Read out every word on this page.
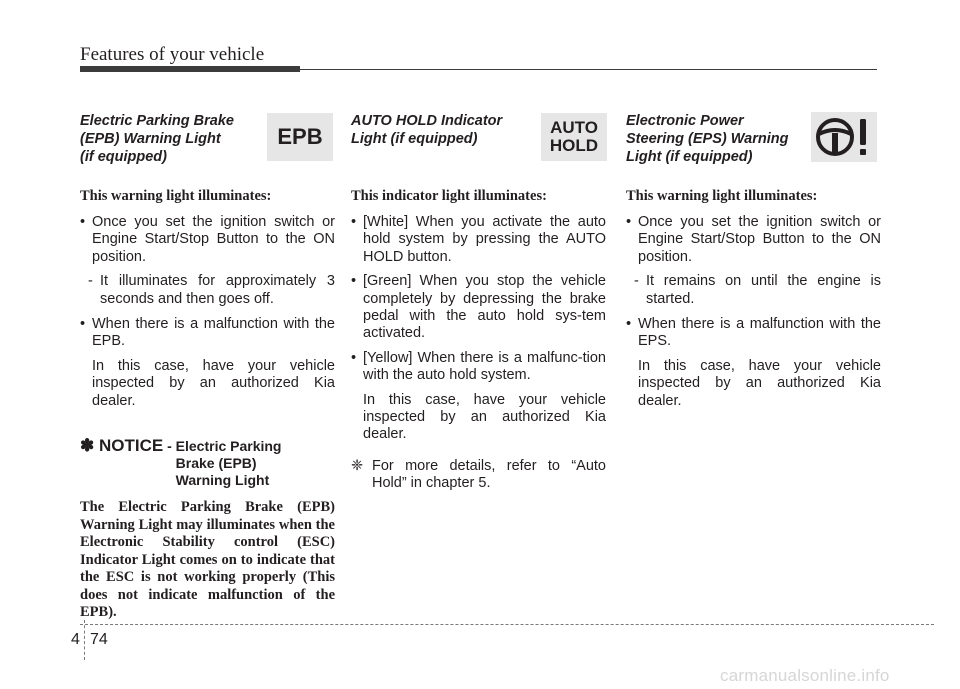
Features of your vehicle
Electric Parking Brake
(EPB) Warning Light
(if equipped)
This warning light illuminates:
• Once you set the ignition switch or Engine Start/Stop Button to the ON position.
- It illuminates for approximately 3 seconds and then goes off.
• When there is a malfunction with the EPB.
In this case, have your vehicle inspected by an authorized Kia dealer.
✽ NOTICE - Electric Parking
Brake (EPB)
Warning Light
The Electric Parking Brake (EPB) Warning Light may illuminates when the Electronic Stability control (ESC) Indicator Light comes on to indicate that the ESC is not working properly (This does not indicate malfunction of the EPB).
EPB
AUTO HOLD Indicator
Light (if equipped)
This indicator light illuminates:
• [White] When you activate the auto hold system by pressing the AUTO HOLD button.
• [Green] When you stop the vehicle completely by depressing the brake pedal with the auto hold sys-tem activated.
• [Yellow] When there is a malfunc-tion with the auto hold system.
In this case, have your vehicle inspected by an authorized Kia dealer.
❈ For more details, refer to “Auto Hold” in chapter 5.
AUTO
HOLD
Electronic Power
Steering (EPS) Warning
Light (if equipped)
This warning light illuminates:
• Once you set the ignition switch or Engine Start/Stop Button to the ON position.
- It remains on until the engine is started.
• When there is a malfunction with the EPS.
In this case, have your vehicle inspected by an authorized Kia dealer.
4 74
carmanualsonline.info
